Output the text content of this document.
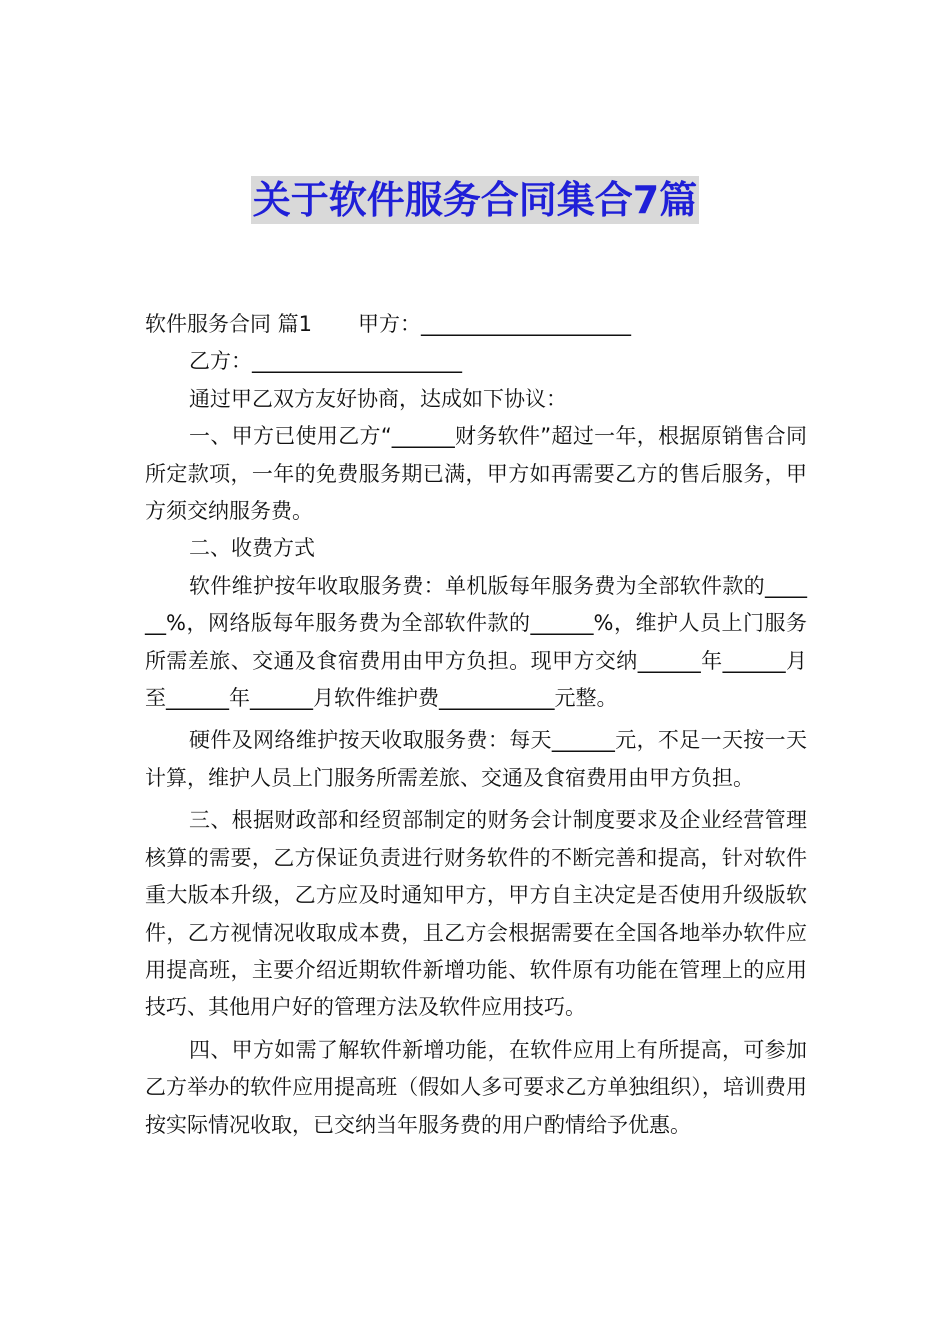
关于软件服务合同集合7篇

软件服务合同 篇1 甲方：____________________

乙方：____________________

通过甲乙双方友好协商，达成如下协议：

一、甲方已使用乙方“______财务软件”超过一年，根据原销售合同所定款项，一年的免费服务期已满，甲方如再需要乙方的售后服务，甲方须交纳服务费。

二、收费方式

软件维护按年收取服务费：单机版每年服务费为全部软件款的______%，网络版每年服务费为全部软件款的______%，维护人员上门服务所需差旅、交通及食宿费用由甲方负担。现甲方交纳______年______月至______年______月软件维护费___________元整。

硬件及网络维护按天收取服务费：每天______元，不足一天按一天计算，维护人员上门服务所需差旅、交通及食宿费用由甲方负担。

三、根据财政部和经贸部制定的财务会计制度要求及企业经营管理核算的需要，乙方保证负责进行财务软件的不断完善和提高，针对软件重大版本升级，乙方应及时通知甲方，甲方自主决定是否使用升级版软件，乙方视情况收取成本费，且乙方会根据需要在全国各地举办软件应用提高班，主要介绍近期软件新增功能、软件原有功能在管理上的应用技巧、其他用户好的管理方法及软件应用技巧。

四、甲方如需了解软件新增功能，在软件应用上有所提高，可参加乙方举办的软件应用提高班（假如人多可要求乙方单独组织），培训费用按实际情况收取，已交纳当年服务费的用户酌情给予优惠。
